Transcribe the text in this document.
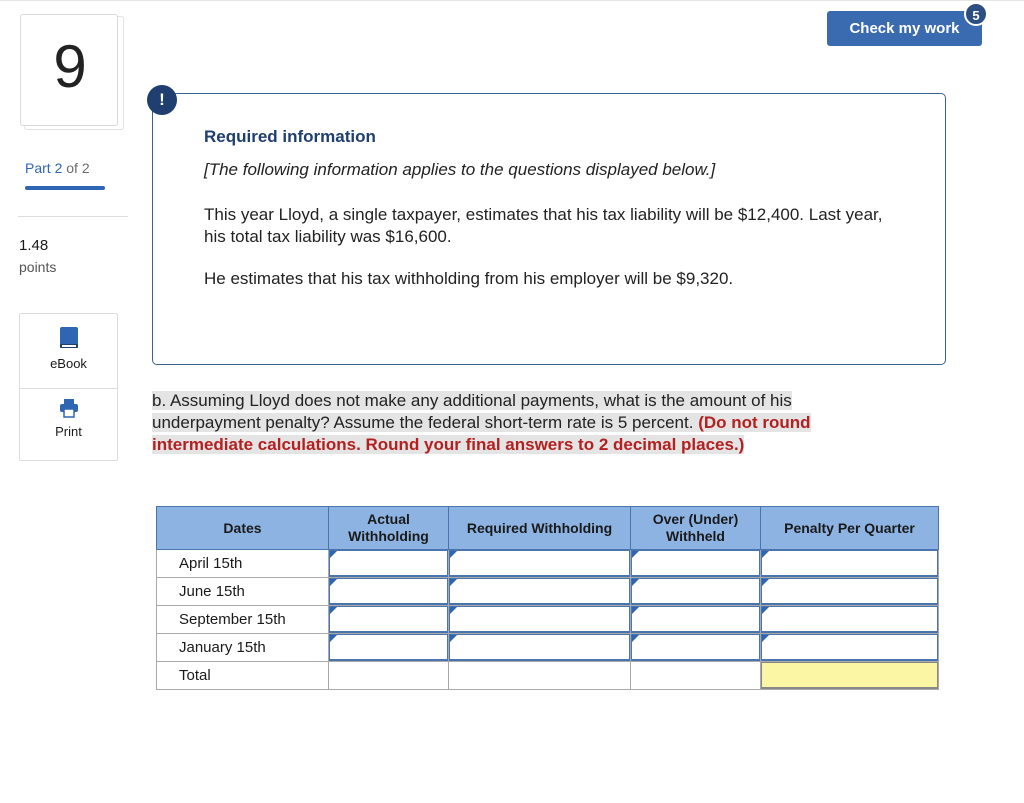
9
Part 2 of 2
1.48
points
eBook
Print
Check my work
5
!
Required information
[The following information applies to the questions displayed below.]
This year Lloyd, a single taxpayer, estimates that his tax liability will be $12,400. Last year, his total tax liability was $16,600.
He estimates that his tax withholding from his employer will be $9,320.
b. Assuming Lloyd does not make any additional payments, what is the amount of his underpayment penalty? Assume the federal short-term rate is 5 percent. (Do not round intermediate calculations. Round your final answers to 2 decimal places.)
Dates	Actual Withholding	Required Withholding	Over (Under) Withheld	Penalty Per Quarter
April 15th				
June 15th				
September 15th				
January 15th				
Total				
